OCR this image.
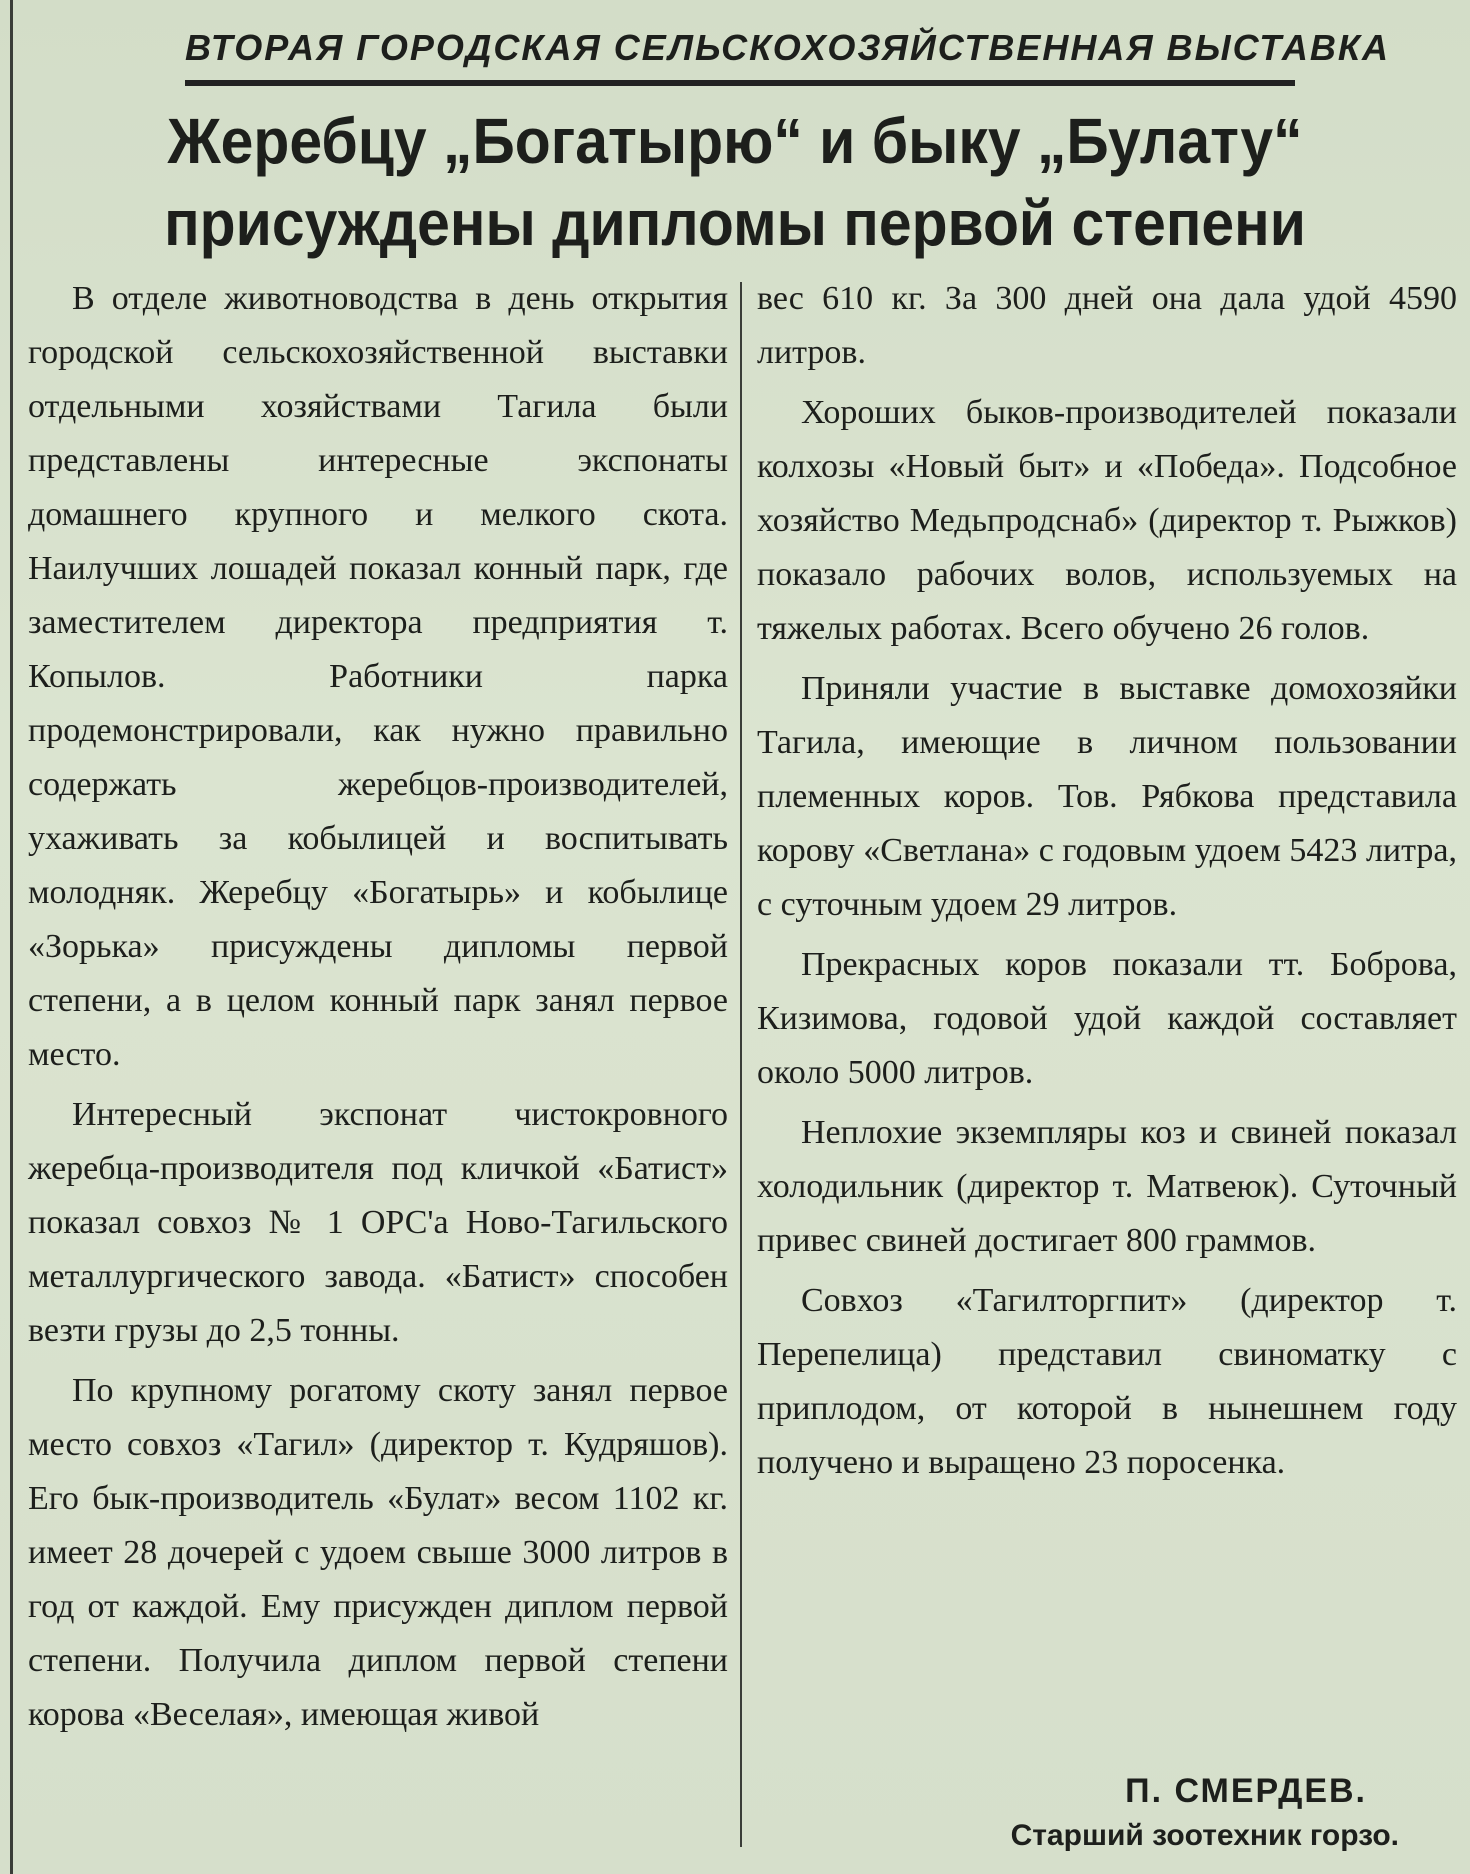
ВТОРАЯ ГОРОДСКАЯ СЕЛЬСКОХОЗЯЙСТВЕННАЯ ВЫСТАВКА
Жеребцу „Богатырю“ и быку „Булату“
присуждены дипломы первой степени

В отделе животноводства в день открытия городской сельскохозяйственной выставки отдельными хозяйствами Тагила были представлены интересные экспонаты домашнего крупного и мелкого скота. Наилучших лошадей показал конный парк, где заместителем директора предприятия т. Копылов. Работники парка продемонстрировали, как нужно правильно содержать жеребцов-производителей, ухаживать за кобылицей и воспитывать молодняк. Жеребцу «Богатырь» и кобылице «Зорька» присуждены дипломы первой степени, а в целом конный парк занял первое место.

Интересный экспонат чистокровного жеребца-производителя под кличкой «Батист» показал совхоз № 1 ОРС'а Ново-Тагильского металлургического завода. «Батист» способен везти грузы до 2,5 тонны.

По крупному рогатому скоту занял первое место совхоз «Тагил» (директор т. Кудряшов). Его бык-производитель «Булат» весом 1102 кг. имеет 28 дочерей с удоем свыше 3000 литров в год от каждой. Ему присужден диплом первой степени. Получила диплом первой степени корова «Веселая», имеющая живой

вес 610 кг. За 300 дней она дала удой 4590 литров.

Хороших быков-производителей показали колхозы «Новый быт» и «Победа». Подсобное хозяйство Медьпродснаб» (директор т. Рыжков) показало рабочих волов, используемых на тяжелых работах. Всего обучено 26 голов.

Приняли участие в выставке домохозяйки Тагила, имеющие в личном пользовании племенных коров. Тов. Рябкова представила корову «Светлана» с годовым удоем 5423 литра, с суточным удоем 29 литров.

Прекрасных коров показали тт. Боброва, Кизимова, годовой удой каждой составляет около 5000 литров.

Неплохие экземпляры коз и свиней показал холодильник (директор т. Матвеюк). Суточный привес свиней достигает 800 граммов.

Совхоз «Тагилторгпит» (директор т. Перепелица) представил свиноматку с приплодом, от которой в нынешнем году получено и выращено 23 поросенка.

П. СМЕРДЕВ.
Старший зоотехник горзо.
